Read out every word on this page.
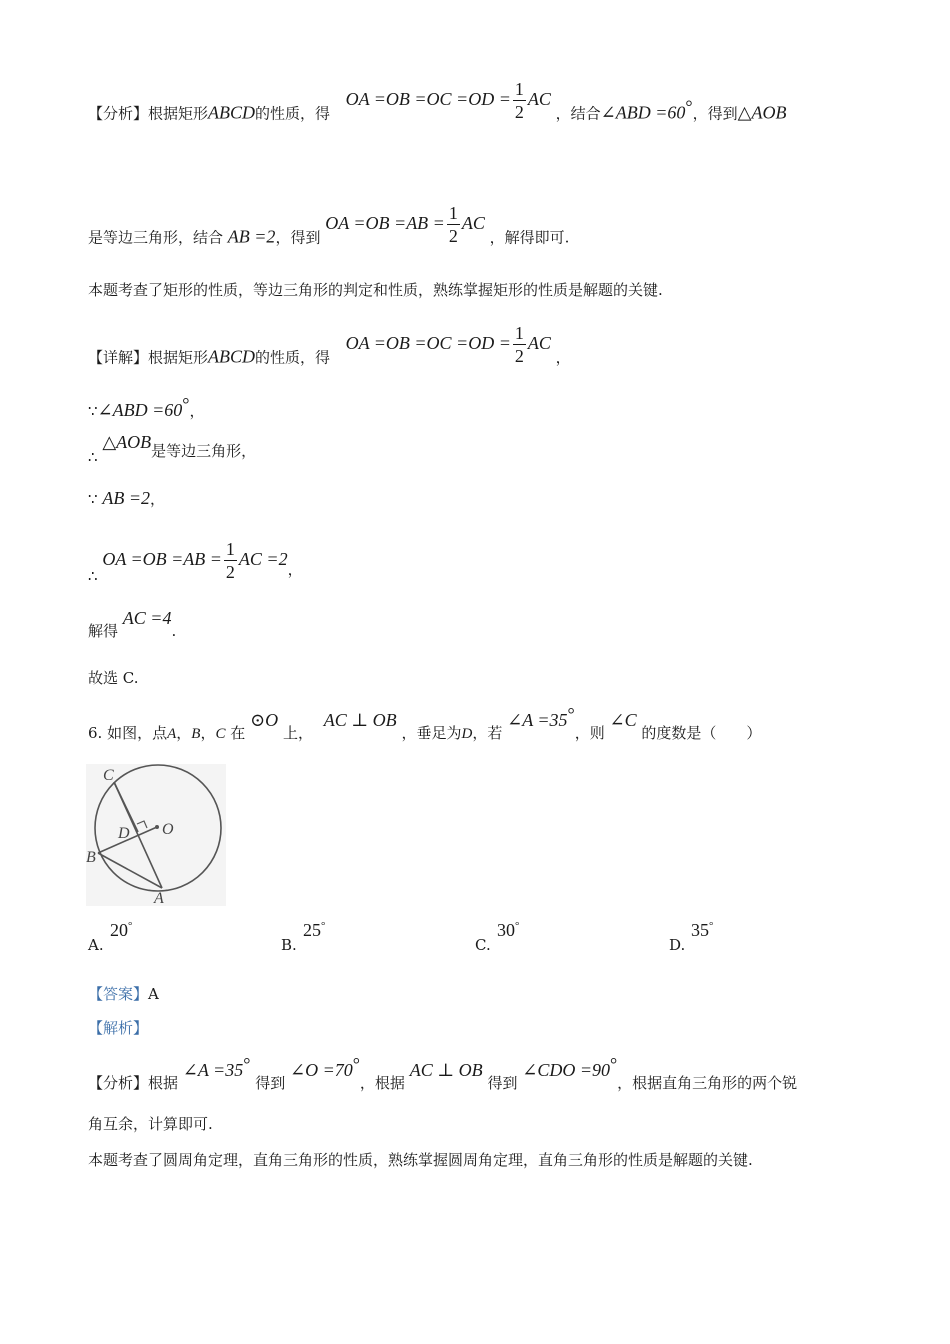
【分析】根据矩形ABCD的性质，得  OA $=OB =OC =OD = \frac{1}{2}$ AC ，结合∠ABD =60°，得到△AOB
是等边三角形，结合 AB =2，得到 OA $=OB =AB = \frac{1}{2}$ AC ，解得即可.
本题考查了矩形的性质，等边三角形的判定和性质，熟练掌握矩形的性质是解题的关键.
【详解】根据矩形ABCD的性质，得  OA $=OB =OC =OD = \frac{1}{2}$ AC ，
∵∠ABD =60°，
∴ △AOB是等边三角形，
∵ AB =2，
∴ OA $=OB =AB = \frac{1}{2}$ AC =2，
解得 AC =4.
故选 C.
6. 如图，点A，B，C 在 ⊙O 上， AC ⊥ OB ，垂足为D，若 ∠A =35°，则 ∠C 的度数是（　　）
C
D O
B
A
A.
20°
B.
25°
C.
30°
D.
35°
【答案】A
【解析】
【分析】根据 ∠A =35° 得到 ∠O =70°，根据 AC ⊥ OB 得到 ∠CDO =90°，根据直角三角形的两个锐
角互余，计算即可.
本题考查了圆周角定理，直角三角形的性质，熟练掌握圆周角定理，直角三角形的性质是解题的关键.
